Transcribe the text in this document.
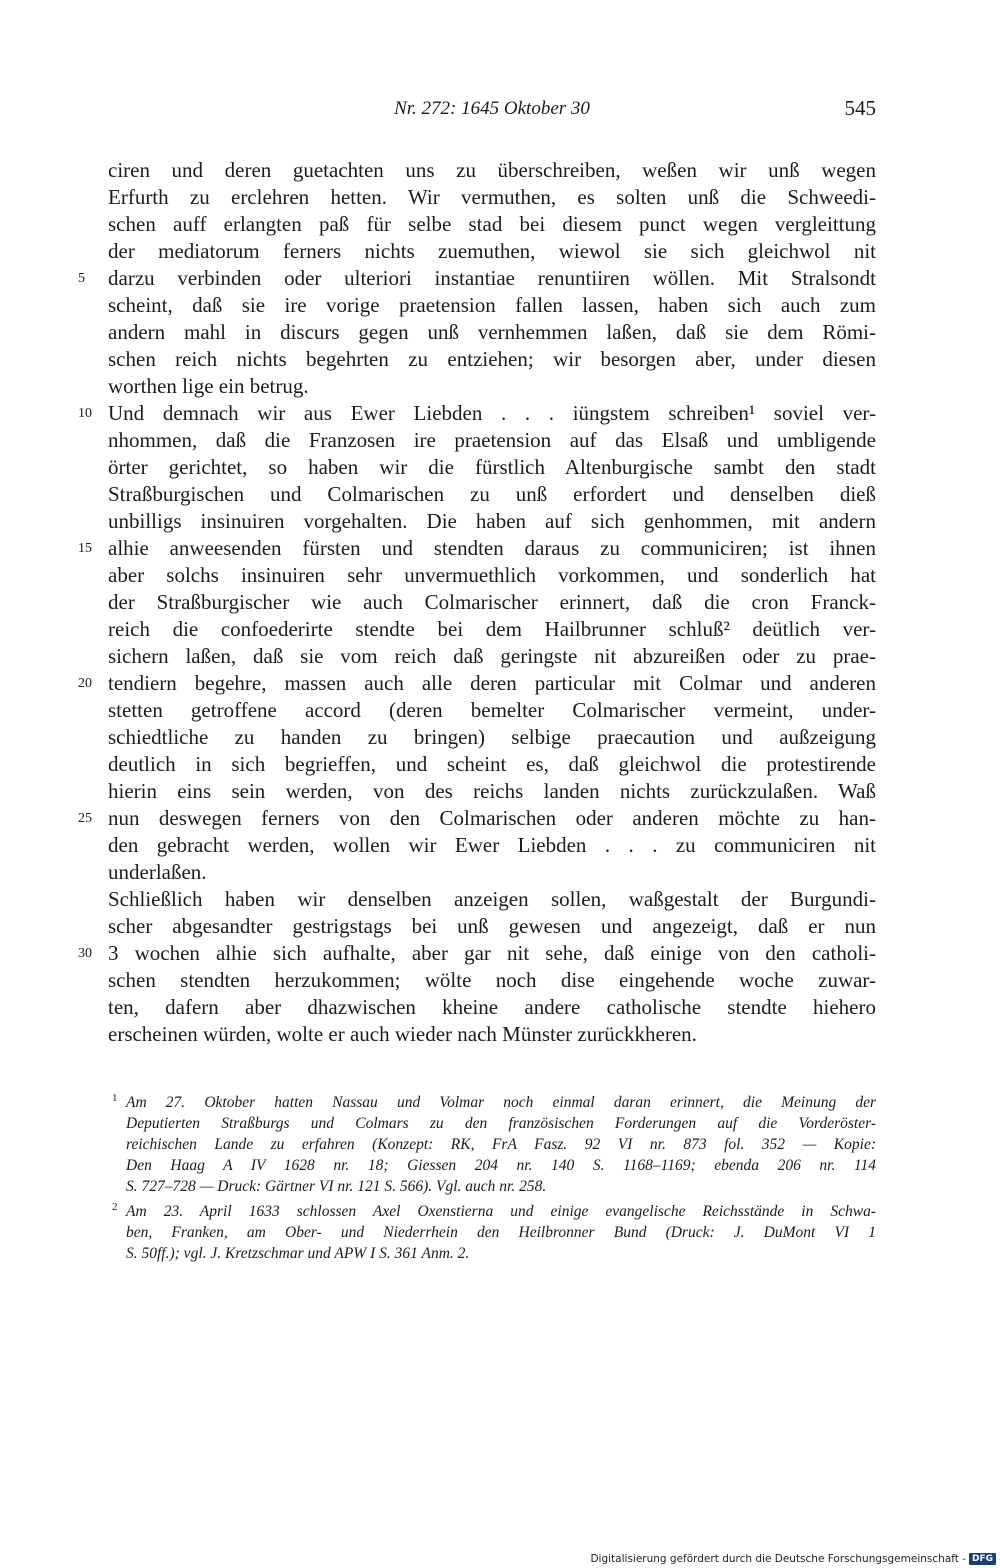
Nr. 272: 1645 Oktober 30	545
ciren und deren guetachten uns zu überschreiben, weßen wir unß wegen
Erfurth zu erclehren hetten. Wir vermuthen, es solten unß die Schweedi-
schen auff erlangten paß für selbe stad bei diesem punct wegen vergleittung
der mediatorum ferners nichts zuemuthen, wiewol sie sich gleichwol nit
darzu verbinden oder ulteriori instantiae renuntiiren wöllen. Mit Stralsondt
scheint, daß sie ire vorige praetension fallen lassen, haben sich auch zum
andern mahl in discurs gegen unß vernhemmen laßen, daß sie dem Römi-
schen reich nichts begehrten zu entziehen; wir besorgen aber, under diesen
worthen lige ein betrug.
Und demnach wir aus Ewer Liebden . . . iüngstem schreiben¹ soviel ver-
nhommen, daß die Franzosen ire praetension auf das Elsaß und umbligende
örter gerichtet, so haben wir die fürstlich Altenburgische sambt den stadt
Straßburgischen und Colmarischen zu unß erfordert und denselben dieß
unbilligs insinuiren vorgehalten. Die haben auf sich genhommen, mit andern
alhie anweesenden fürsten und stendten daraus zu communiciren; ist ihnen
aber solchs insinuiren sehr unvermuethlich vorkommen, und sonderlich hat
der Straßburgischer wie auch Colmarischer erinnert, daß die cron Franck-
reich die confoederirte stendte bei dem Hailbrunner schluß² deütlich ver-
sichern laßen, daß sie vom reich daß geringste nit abzureißen oder zu prae-
tendiern begehre, massen auch alle deren particular mit Colmar und anderen
stetten getroffene accord (deren bemelter Colmarischer vermeint, under-
schiedtliche zu handen zu bringen) selbige praecaution und außzeigung
deutlich in sich begrieffen, und scheint es, daß gleichwol die protestirende
hierin eins sein werden, von des reichs landen nichts zurückzulaßen. Waß
nun deswegen ferners von den Colmarischen oder anderen möchte zu han-
den gebracht werden, wollen wir Ewer Liebden . . . zu communiciren nit
underlaßen.
Schließlich haben wir denselben anzeigen sollen, waßgestalt der Burgundi-
scher abgesandter gestrigstags bei unß gewesen und angezeigt, daß er nun
3 wochen alhie sich aufhalte, aber gar nit sehe, daß einige von den catholi-
schen stendten herzukommen; wölte noch dise eingehende woche zuwar-
ten, dafern aber dhazwischen kheine andere catholische stendte hiehero
erscheinen würden, wolte er auch wieder nach Münster zurückkheren.
5
10
15
20
25
30
1 Am 27. Oktober hatten Nassau und Volmar noch einmal daran erinnert, die Meinung der
Deputierten Straßburgs und Colmars zu den französischen Forderungen auf die Vorderöster-
reichischen Lande zu erfahren (Konzept: RK, FrA Fasz. 92 VI nr. 873 fol. 352 — Kopie:
Den Haag A IV 1628 nr. 18; Giessen 204 nr. 140 S. 1168–1169; ebenda 206 nr. 114
S. 727–728 — Druck: Gärtner VI nr. 121 S. 566). Vgl. auch nr. 258.
2 Am 23. April 1633 schlossen Axel Oxenstierna und einige evangelische Reichsstände in Schwa-
ben, Franken, am Ober- und Niederrhein den Heilbronner Bund (Druck: J. DuMont VI 1
S. 50ff.); vgl. J. Kretzschmar und APW I S. 361 Anm. 2.
Digitalisierung gefördert durch die Deutsche Forschungsgemeinschaft - DFG
